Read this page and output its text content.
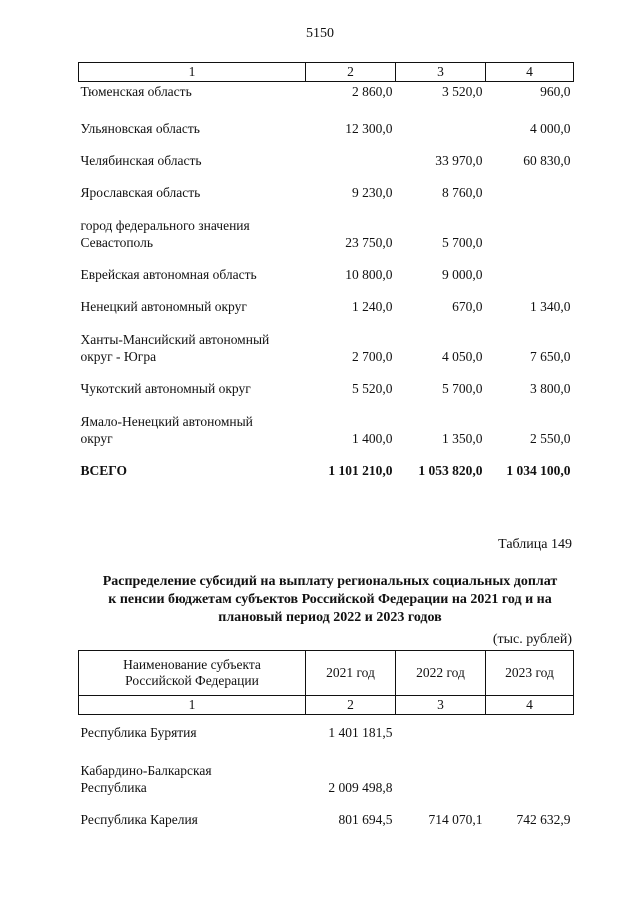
5150
1	2	3	4
Тюменская область	2 860,0	3 520,0	960,0
Ульяновская область	12 300,0		4 000,0
Челябинская область		33 970,0	60 830,0
Ярославская область	9 230,0	8 760,0	
город федерального значения
Севастополь	23 750,0	5 700,0	
Еврейская автономная область	10 800,0	9 000,0	
Ненецкий автономный округ	1 240,0	670,0	1 340,0
Ханты-Мансийский автономный
округ - Югра	2 700,0	4 050,0	7 650,0
Чукотский автономный округ	5 520,0	5 700,0	3 800,0
Ямало-Ненецкий автономный
округ	1 400,0	1 350,0	2 550,0
ВСЕГО	1 101 210,0	1 053 820,0	1 034 100,0
Таблица 149
Распределение субсидий на выплату региональных социальных доплат
к пенсии бюджетам субъектов Российской Федерации на 2021 год и на
плановый период 2022 и 2023 годов
(тыс. рублей)
Наименование субъекта
Российской Федерации	2021 год	2022 год	2023 год
1	2	3	4
Республика Бурятия	1 401 181,5		
Кабардино-Балкарская
Республика	2 009 498,8		
Республика Карелия	801 694,5	714 070,1	742 632,9
